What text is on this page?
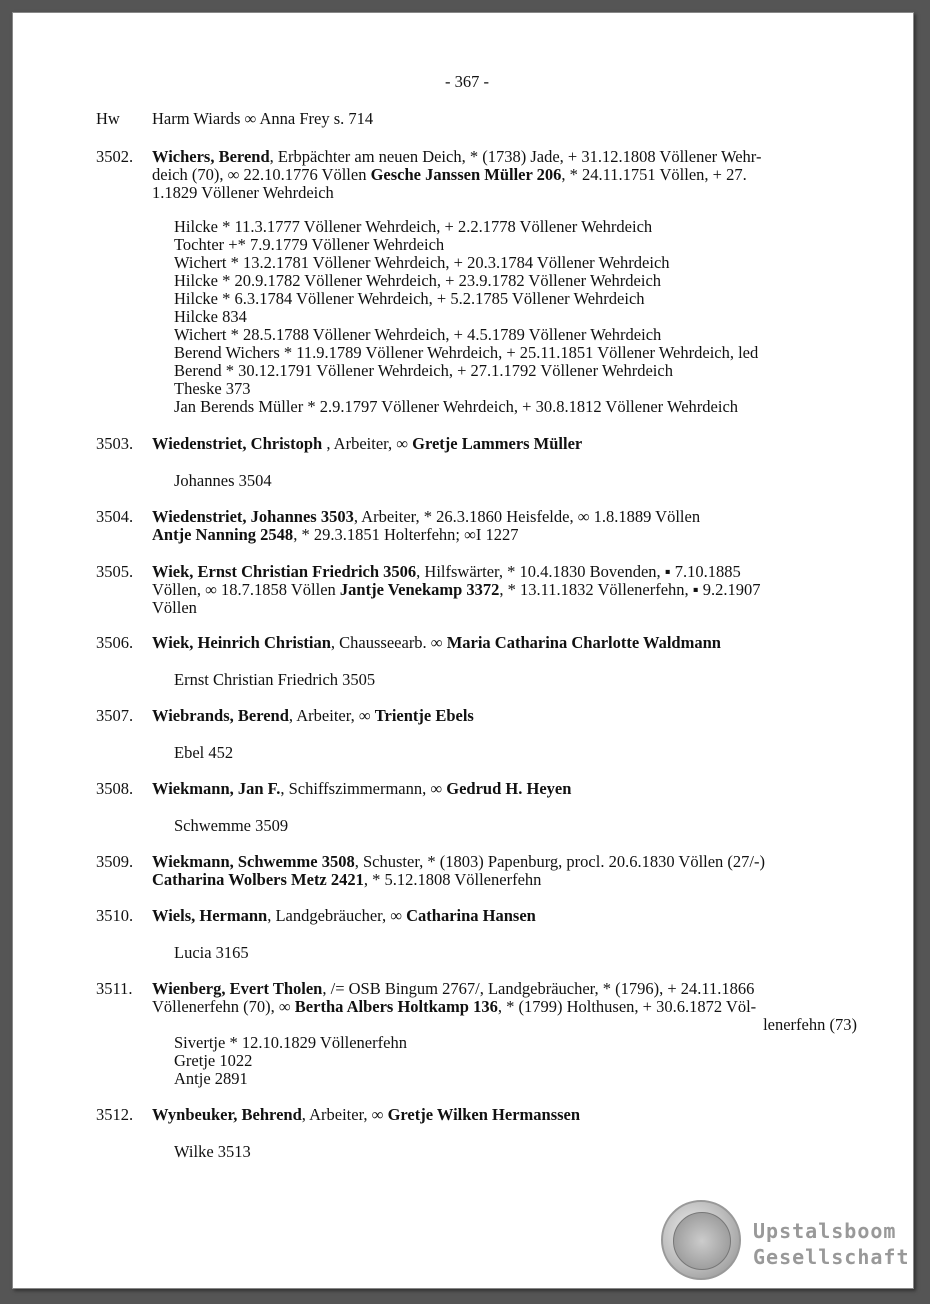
- 367 -
Hw Harm Wiards ∞ Anna Frey s. 714
3502. Wichers, Berend, Erbpächter am neuen Deich, * (1738) Jade, + 31.12.1808 Völlener Wehr-
deich (70), ∞ 22.10.1776 Völlen Gesche Janssen Müller 206, * 24.11.1751 Völlen, + 27.
1.1829 Völlener Wehrdeich
Hilcke * 11.3.1777 Völlener Wehrdeich, + 2.2.1778 Völlener Wehrdeich
Tochter +* 7.9.1779 Völlener Wehrdeich
Wichert * 13.2.1781 Völlener Wehrdeich, + 20.3.1784 Völlener Wehrdeich
Hilcke * 20.9.1782 Völlener Wehrdeich, + 23.9.1782 Völlener Wehrdeich
Hilcke * 6.3.1784 Völlener Wehrdeich, + 5.2.1785 Völlener Wehrdeich
Hilcke 834
Wichert * 28.5.1788 Völlener Wehrdeich, + 4.5.1789 Völlener Wehrdeich
Berend Wichers * 11.9.1789 Völlener Wehrdeich, + 25.11.1851 Völlener Wehrdeich, led
Berend * 30.12.1791 Völlener Wehrdeich, + 27.1.1792 Völlener Wehrdeich
Theske 373
Jan Berends Müller * 2.9.1797 Völlener Wehrdeich, + 30.8.1812 Völlener Wehrdeich
3503. Wiedenstriet, Christoph , Arbeiter, ∞ Gretje Lammers Müller
Johannes 3504
3504. Wiedenstriet, Johannes 3503, Arbeiter, * 26.3.1860 Heisfelde, ∞ 1.8.1889 Völlen
Antje Nanning 2548, * 29.3.1851 Holterfehn; ∞I 1227
3505. Wiek, Ernst Christian Friedrich 3506, Hilfswärter, * 10.4.1830 Bovenden, ▪ 7.10.1885
Völlen, ∞ 18.7.1858 Völlen Jantje Venekamp 3372, * 13.11.1832 Völlenerfehn, ▪ 9.2.1907
Völlen
3506. Wiek, Heinrich Christian, Chausseearb. ∞ Maria Catharina Charlotte Waldmann
Ernst Christian Friedrich 3505
3507. Wiebrands, Berend, Arbeiter, ∞ Trientje Ebels
Ebel 452
3508. Wiekmann, Jan F., Schiffszimmermann, ∞ Gedrud H. Heyen
Schwemme 3509
3509. Wiekmann, Schwemme 3508, Schuster, * (1803) Papenburg, procl. 20.6.1830 Völlen (27/-)
Catharina Wolbers Metz 2421, * 5.12.1808 Völlenerfehn
3510. Wiels, Hermann, Landgebräucher, ∞ Catharina Hansen
Lucia 3165
3511. Wienberg, Evert Tholen, /= OSB Bingum 2767/, Landgebräucher, * (1796), + 24.11.1866
Völlenerfehn (70), ∞ Bertha Albers Holtkamp 136, * (1799) Holthusen, + 30.6.1872 Völ-
lenerfehn (73)
Sivertje * 12.10.1829 Völlenerfehn
Gretje 1022
Antje 2891
3512. Wynbeuker, Behrend, Arbeiter, ∞ Gretje Wilken Hermanssen
Wilke 3513
Upstalsboom
Gesellschaft
